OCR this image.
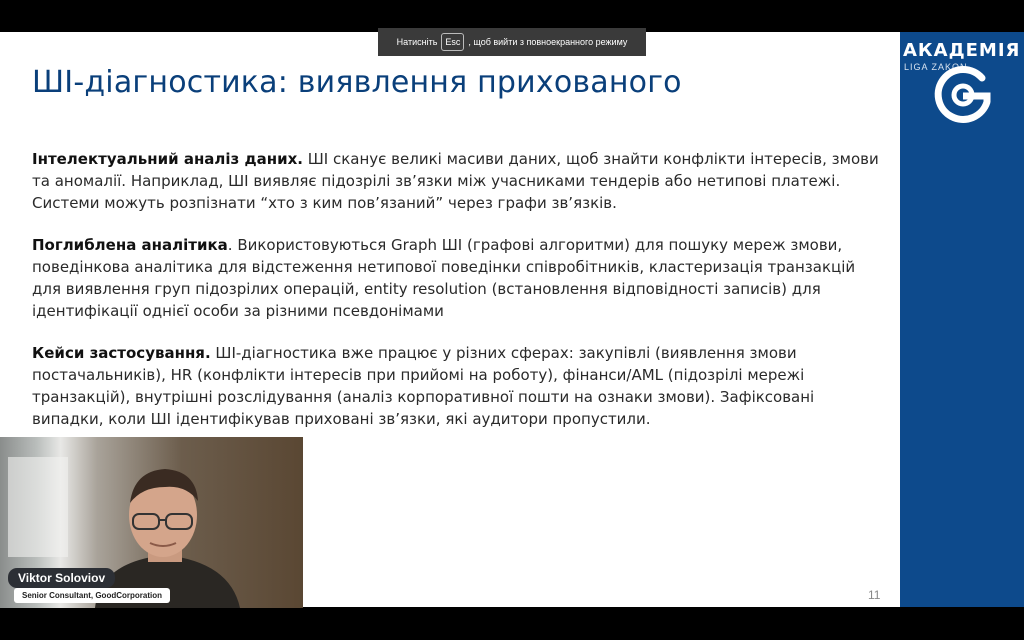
ШІ-діагностика: виявлення прихованого

Інтелектуальний аналіз даних. ШІ сканує великі масиви даних, щоб знайти конфлікти інтересів, змови та аномалії. Наприклад, ШІ виявляє підозрілі зв’язки між учасниками тендерів або нетипові платежі. Системи можуть розпізнати “хто з ким пов’язаний” через графи зв’язків.

Поглиблена аналітика. Використовуються Graph ШІ (графові алгоритми) для пошуку мереж змови, поведінкова аналітика для відстеження нетипової поведінки співробітників, кластеризація транзакцій для виявлення груп підозрілих операцій, entity resolution (встановлення відповідності записів) для ідентифікації однієї особи за різними псевдонімами

Кейси застосування. ШІ-діагностика вже працює у різних сферах: закупівлі (виявлення змови постачальників), HR (конфлікти інтересів при прийомі на роботу), фінанси/AML (підозрілі мережі транзакцій), внутрішні розслідування (аналіз корпоративної пошти на ознаки змови). Зафіксовані випадки, коли ШІ ідентифікував приховані зв’язки, які аудитори пропустили.

АКАДЕМІЯ
LIGA ZAKON
11
Натисніть Esc , щоб вийти з повноекранного режиму
Viktor Soloviov
Senior Consultant, GoodCorporation
